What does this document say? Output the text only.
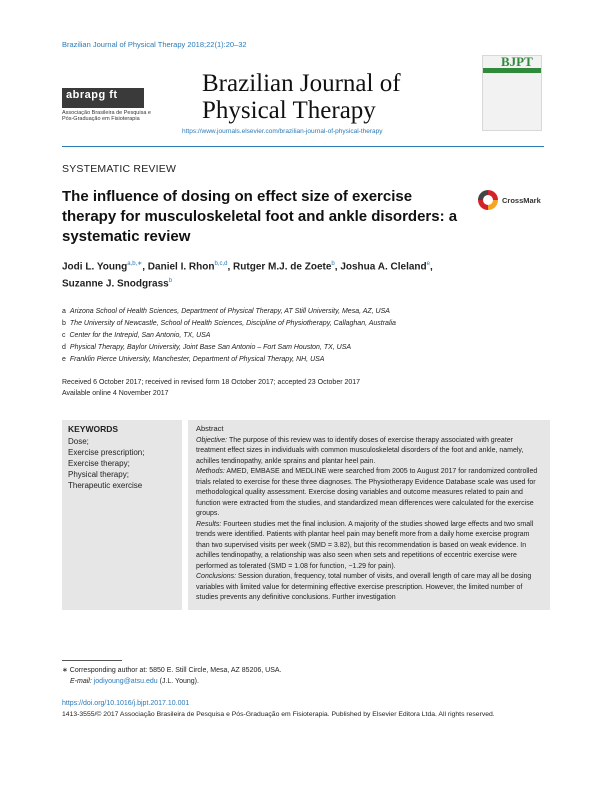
Brazilian Journal of Physical Therapy 2018;22(1):20–32
abrapg ft
Associação Brasileira de Pesquisa e Pós-Graduação em Fisioterapia
Brazilian Journal of
Physical Therapy
https://www.journals.elsevier.com/brazilian-journal-of-physical-therapy
BJPT
SYSTEMATIC REVIEW
The influence of dosing on effect size of exercise therapy for musculoskeletal foot and ankle disorders: a systematic review
CrossMark
Jodi L. Young$^{a,b,∗}$, Daniel I. Rhon$^{b,c,d}$, Rutger M.J. de Zoete$^b$, Joshua A. Cleland$^e$,
Suzanne J. Snodgrass$^b$
a Arizona School of Health Sciences, Department of Physical Therapy, AT Still University, Mesa, AZ, USA
b The University of Newcastle, School of Health Sciences, Discipline of Physiotherapy, Callaghan, Australia
c Center for the Intrepid, San Antonio, TX, USA
d Physical Therapy, Baylor University, Joint Base San Antonio – Fort Sam Houston, TX, USA
e Franklin Pierce University, Manchester, Department of Physical Therapy, NH, USA
Received 6 October 2017; received in revised form 18 October 2017; accepted 23 October 2017
Available online 4 November 2017
KEYWORDS
Dose;
Exercise prescription;
Exercise therapy;
Physical therapy;
Therapeutic exercise
Abstract
Objective: The purpose of this review was to identify doses of exercise therapy associated with greater treatment effect sizes in individuals with common musculoskeletal disorders of the foot and ankle, namely, achilles tendinopathy, ankle sprains and plantar heel pain.
Methods: AMED, EMBASE and MEDLINE were searched from 2005 to August 2017 for randomized controlled trials related to exercise for these three diagnoses. The Physiotherapy Evidence Database scale was used for methodological quality assessment. Exercise dosing variables and outcome measures related to pain and function were extracted from the studies, and standardized mean differences were calculated for the exercise groups.
Results: Fourteen studies met the final inclusion. A majority of the studies showed large effects and two small trends were identified. Patients with plantar heel pain may benefit more from a daily home exercise program than two supervised visits per week (SMD = 3.82), but this recommendation is based on weak evidence. In achilles tendinopathy, a relationship was also seen when sets and repetitions of eccentric exercise were performed as tolerated (SMD = 1.08 for function, −1.29 for pain).
Conclusions: Session duration, frequency, total number of visits, and overall length of care may all be dosing variables with limited value for determining effective exercise prescription. However, the limited number of studies prevents any definitive conclusions. Further investigation
∗ Corresponding author at: 5850 E. Still Circle, Mesa, AZ 85206, USA.
E-mail: jodiyoung@atsu.edu (J.L. Young).
https://doi.org/10.1016/j.bjpt.2017.10.001
1413-3555/© 2017 Associação Brasileira de Pesquisa e Pós-Graduação em Fisioterapia. Published by Elsevier Editora Ltda. All rights reserved.
